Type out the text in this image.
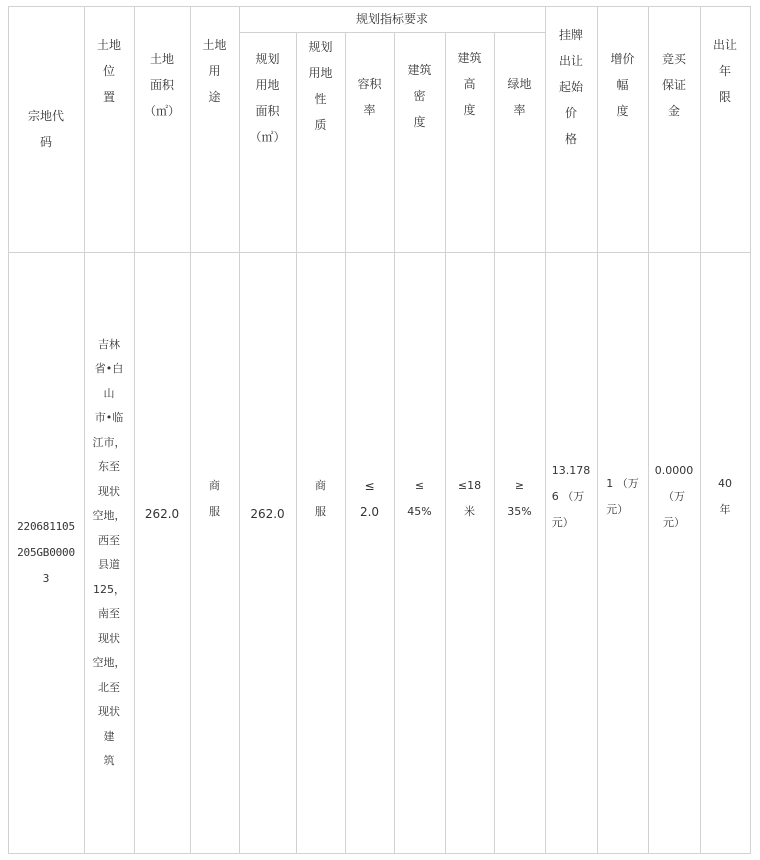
规划指标要求
宗地代
码
土地
位
置
土地
面积
（㎡）
土地
用
途
规划
用地
面积
（㎡）
规划
用地
性
质
容积
率
建筑
密
度
建筑
高
度
绿地
率
挂牌
出让
起始
价
格
增价
幅
度
竞买
保证
金
出让
年
限
220681105
205GB0000
3
吉林
省•白
山
市•临
江市，
东至
现状
空地，
西至
县道
125，
南至
现状
空地，
北至
现状
建
筑
262.0
商
服	262.0
商
服
≤
2.0
≤
45%
≤18
米
≥
35%
13.178
6 （万
元）
1 （万
元）
0.0000
（万
元）
40
年
